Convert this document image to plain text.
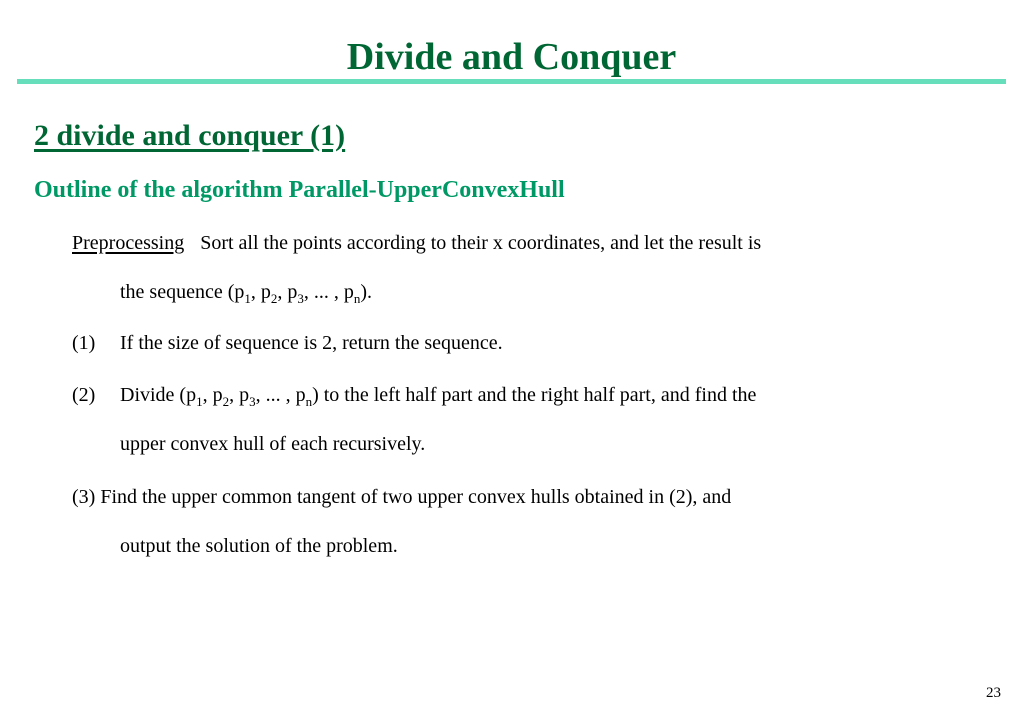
Divide and Conquer
2 divide and conquer (1)
Outline of the algorithm Parallel-UpperConvexHull
Preprocessing Sort all the points according to their x coordinates, and let the result is
the sequence ($p_1$, $p_2$, $p_3$, ... , $p_n$).
(1) If the size of sequence is 2, return the sequence.
(2) Divide ($p_1$, $p_2$, $p_3$, ... , $p_n$) to the left half part and the right half part, and find the
upper convex hull of each recursively.
(3) Find the upper common tangent of two upper convex hulls obtained in (2), and
output the solution of the problem.
23
